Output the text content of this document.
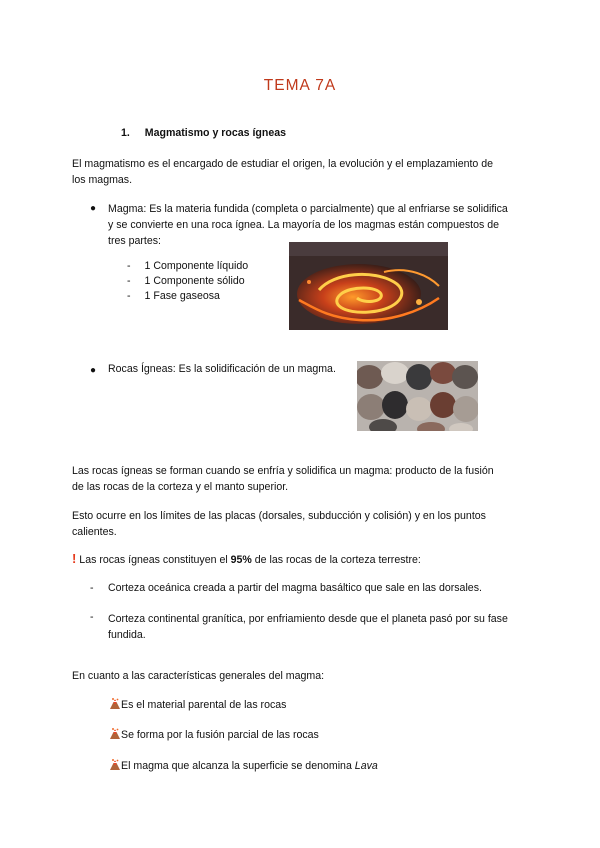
TEMA 7A
1. Magmatismo y rocas ígneas
El magmatismo es el encargado de estudiar el origen, la evolución y el emplazamiento de
los magmas.
● Magma: Es la materia fundida (completa o parcialmente) que al enfriarse se solidifica
y se convierte en una roca ígnea. La mayoría de los magmas están compuestos de
tres partes:
- 1 Componente líquido
- 1 Componente sólido
- 1 Fase gaseosa
● Rocas Ígneas: Es la solidificación de un magma.
Las rocas ígneas se forman cuando se enfría y solidifica un magma: producto de la fusión
de las rocas de la corteza y el manto superior.
Esto ocurre en los límites de las placas (dorsales, subducción y colisión) y en los puntos
calientes.
! Las rocas ígneas constituyen el 95% de las rocas de la corteza terrestre:
- Corteza oceánica creada a partir del magma basáltico que sale en las dorsales.
- Corteza continental granítica, por enfriamiento desde que el planeta pasó por su fase
fundida.
En cuanto a las características generales del magma:
Es el material parental de las rocas
Se forma por la fusión parcial de las rocas
El magma que alcanza la superficie se denomina Lava
